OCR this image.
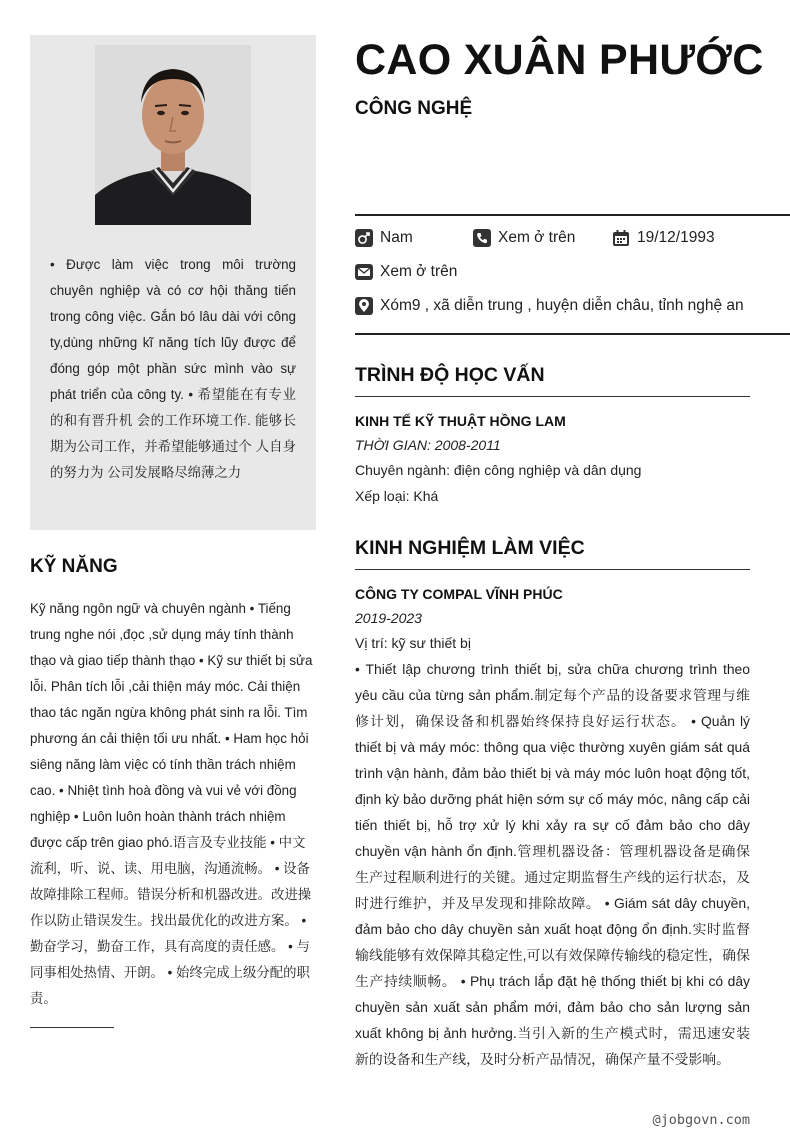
• Được làm việc trong môi trường chuyên nghiệp và có cơ hội thăng tiến trong công việc. Gắn bó lâu dài với công ty,dùng những kĩ năng tích lũy được để đóng góp một phần sức mình vào sự phát triển của công ty. • 希望能在有专业的和有晋升机 会的工作环境工作. 能够长期为公司工作，并希望能够通过个 人自身的努力为 公司发展略尽绵薄之力
KỸ NĂNG
Kỹ năng ngôn ngữ và chuyên ngành • Tiếng trung nghe nói ,đọc ,sử dụng máy tính thành thạo và giao tiếp thành thạo • Kỹ sư thiết bị sửa lỗi. Phân tích lỗi ,cải thiện máy móc. Cải thiện thao tác ngăn ngừa không phát sinh ra lỗi. Tìm phương án cải thiện tối ưu nhất. • Ham học hỏi siêng năng làm việc có tính thần trách nhiệm cao. • Nhiệt tình hoà đồng và vui vẻ với đồng nghiệp • Luôn luôn hoàn thành trách nhiệm được cấp trên giao phó.语言及专业技能 • 中文流利，听、说、读、用电脑，沟通流畅。 • 设备故障排除工程师。错误分析和机器改进。改进操作以防止错误发生。找出最优化的改进方案。 • 勤奋学习，勤奋工作，具有高度的责任感。 • 与同事相处热情、开朗。 • 始终完成上级分配的职责。
CAO XUÂN PHƯỚC
CÔNG NGHỆ
Nam	Xem ở trên	19/12/1993
Xem ở trên
Xóm9 , xã diễn trung , huyện diễn châu, tỉnh nghệ an
TRÌNH ĐỘ HỌC VẤN
KINH TẾ KỸ THUẬT HỒNG LAM
THỜI GIAN: 2008-2011
Chuyên ngành: điện công nghiệp và dân dụng
Xếp loại: Khá
KINH NGHIỆM LÀM VIỆC
CÔNG TY COMPAL VĨNH PHÚC
2019-2023
Vị trí: kỹ sư thiết bị
• Thiết lập chương trình thiết bị, sửa chữa chương trình theo yêu cầu của từng sản phẩm.制定每个产品的设备要求管理与维修计划，确保设备和机器始终保持良好运行状态。 • Quản lý thiết bị và máy móc: thông qua việc thường xuyên giám sát quá trình vận hành, đảm bảo thiết bị và máy móc luôn hoạt động tốt, định kỳ bảo dưỡng phát hiện sớm sự cố máy móc, nâng cấp cải tiến thiết bị, hỗ trợ xử lý khi xảy ra sự cố đảm bảo cho dây chuyền vận hành ổn định.管理机器设备：管理机器设备是确保生产过程顺利进行的关键。通过定期监督生产线的运行状态，及时进行维护，并及早发现和排除故障。 • Giám sát dây chuyền, đảm bảo cho dây chuyền sản xuất hoạt động ổn định.实时监督输线能够有效保障其稳定性,可以有效保障传输线的稳定性，确保生产持续顺畅。 • Phụ trách lắp đặt hệ thống thiết bị khi có dây chuyền sản xuất sản phẩm mới, đảm bảo cho sản lượng sản xuất không bị ảnh hưởng.当引入新的生产模式时，需迅速安装新的设备和生产线，及时分析产品情况，确保产量不受影响。
@jobgovn.com
